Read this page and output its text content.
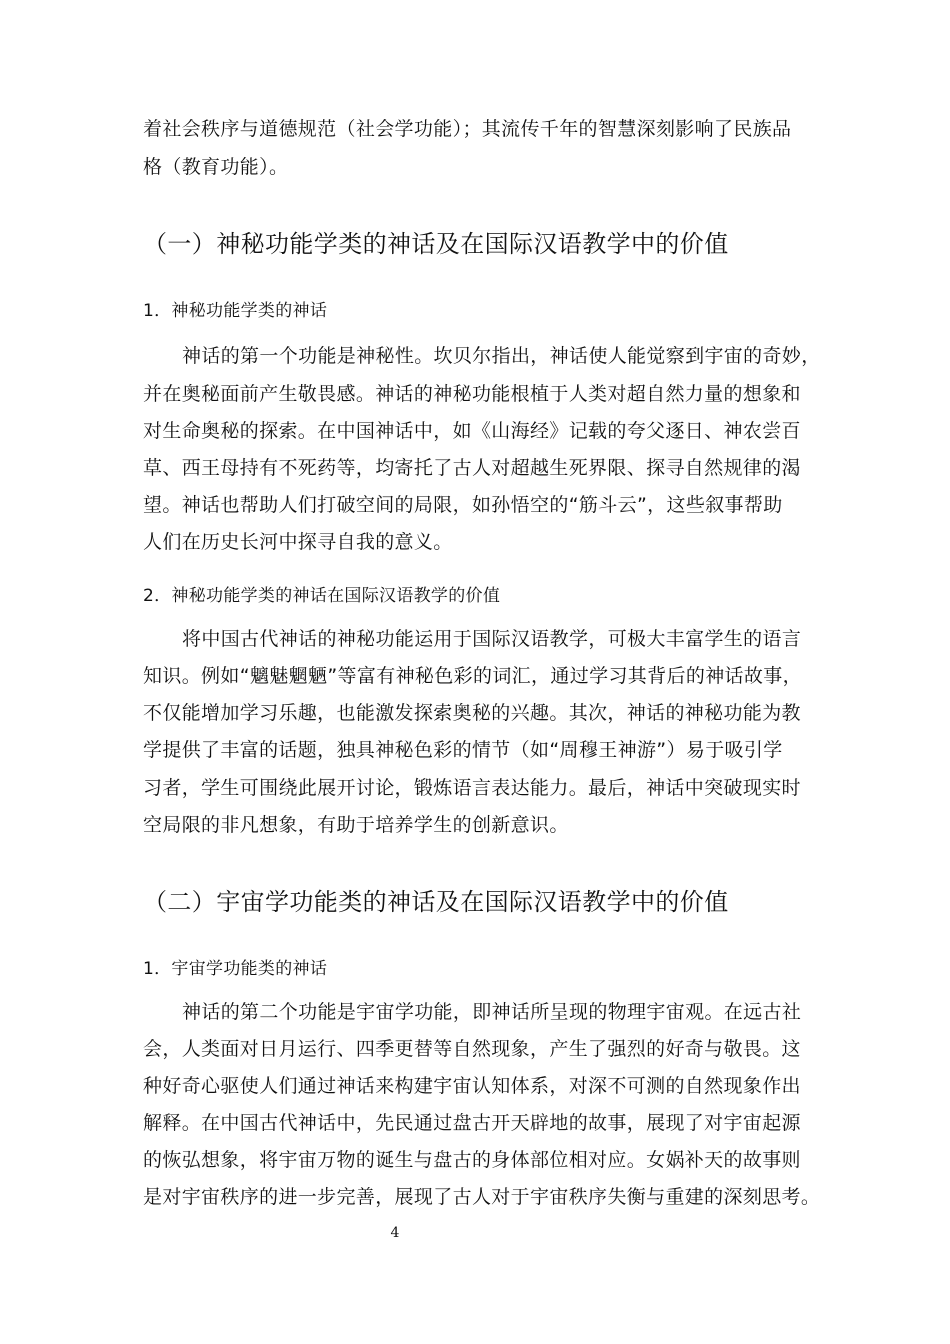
着社会秩序与道德规范（社会学功能）；其流传千年的智慧深刻影响了民族品
格（教育功能）。
（一）神秘功能学类的神话及在国际汉语教学中的价值
1．神秘功能学类的神话
神话的第一个功能是神秘性。坎贝尔指出，神话使人能觉察到宇宙的奇妙，
并在奥秘面前产生敬畏感。神话的神秘功能根植于人类对超自然力量的想象和
对生命奥秘的探索。在中国神话中，如《山海经》记载的夸父逐日、神农尝百
草、西王母持有不死药等，均寄托了古人对超越生死界限、探寻自然规律的渴
望。神话也帮助人们打破空间的局限，如孙悟空的“筋斗云”，这些叙事帮助
人们在历史长河中探寻自我的意义。
2．神秘功能学类的神话在国际汉语教学的价值
将中国古代神话的神秘功能运用于国际汉语教学，可极大丰富学生的语言
知识。例如“魑魅魍魉”等富有神秘色彩的词汇，通过学习其背后的神话故事，
不仅能增加学习乐趣，也能激发探索奥秘的兴趣。其次，神话的神秘功能为教
学提供了丰富的话题，独具神秘色彩的情节（如“周穆王神游”）易于吸引学
习者，学生可围绕此展开讨论，锻炼语言表达能力。最后，神话中突破现实时
空局限的非凡想象，有助于培养学生的创新意识。
（二）宇宙学功能类的神话及在国际汉语教学中的价值
1．宇宙学功能类的神话
神话的第二个功能是宇宙学功能，即神话所呈现的物理宇宙观。在远古社
会，人类面对日月运行、四季更替等自然现象，产生了强烈的好奇与敬畏。这
种好奇心驱使人们通过神话来构建宇宙认知体系，对深不可测的自然现象作出
解释。在中国古代神话中，先民通过盘古开天辟地的故事，展现了对宇宙起源
的恢弘想象，将宇宙万物的诞生与盘古的身体部位相对应。女娲补天的故事则
是对宇宙秩序的进一步完善，展现了古人对于宇宙秩序失衡与重建的深刻思考。
4
